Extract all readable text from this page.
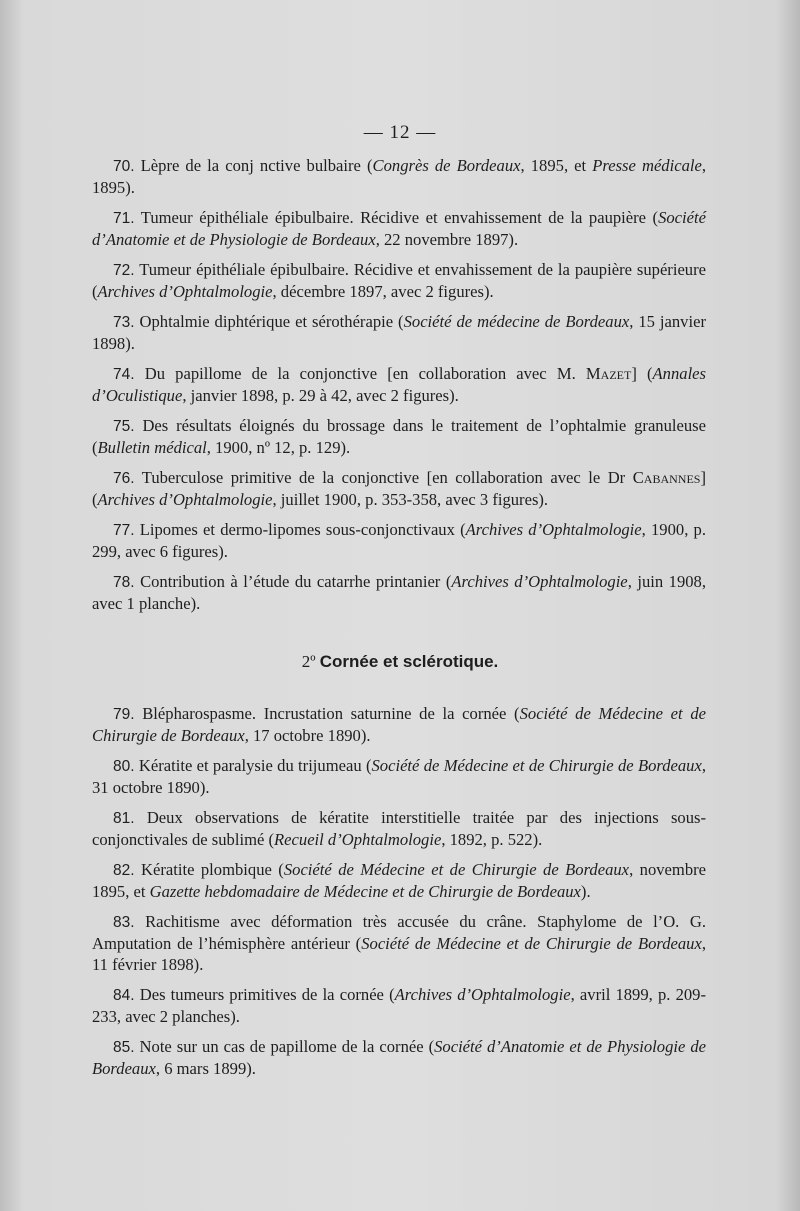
— 12 —

70. Lèpre de la conj nctive bulbaire (Congrès de Bordeaux, 1895, et Presse médicale, 1895).

71. Tumeur épithéliale épibulbaire. Récidive et envahissement de la paupière (Société d’Anatomie et de Physiologie de Bordeaux, 22 novembre 1897).

72. Tumeur épithéliale épibulbaire. Récidive et envahissement de la paupière supérieure (Archives d’Ophtalmologie, décembre 1897, avec 2 figures).

73. Ophtalmie diphtérique et sérothérapie (Société de médecine de Bordeaux, 15 janvier 1898).

74. Du papillome de la conjonctive [en collaboration avec M. Mazet] (Annales d’Oculistique, janvier 1898, p. 29 à 42, avec 2 figures).

75. Des résultats éloignés du brossage dans le traitement de l’ophtalmie granuleuse (Bulletin médical, 1900, nº 12, p. 129).

76. Tuberculose primitive de la conjonctive [en collaboration avec le Dr Cabannes] (Archives d’Ophtalmologie, juillet 1900, p. 353-358, avec 3 figures).

77. Lipomes et dermo-lipomes sous-conjonctivaux (Archives d’Ophtalmologie, 1900, p. 299, avec 6 figures).

78. Contribution à l’étude du catarrhe printanier (Archives d’Ophtalmologie, juin 1908, avec 1 planche).

2º Cornée et sclérotique.

79. Blépharospasme. Incrustation saturnine de la cornée (Société de Médecine et de Chirurgie de Bordeaux, 17 octobre 1890).

80. Kératite et paralysie du trijumeau (Société de Médecine et de Chirurgie de Bordeaux, 31 octobre 1890).

81. Deux observations de kératite interstitielle traitée par des injections sous-conjonctivales de sublimé (Recueil d’Ophtalmologie, 1892, p. 522).

82. Kératite plombique (Société de Médecine et de Chirurgie de Bordeaux, novembre 1895, et Gazette hebdomadaire de Médecine et de Chirurgie de Bordeaux).

83. Rachitisme avec déformation très accusée du crâne. Staphylome de l’O. G. Amputation de l’hémisphère antérieur (Société de Médecine et de Chirurgie de Bordeaux, 11 février 1898).

84. Des tumeurs primitives de la cornée (Archives d’Ophtalmologie, avril 1899, p. 209-233, avec 2 planches).

85. Note sur un cas de papillome de la cornée (Société d’Anatomie et de Physiologie de Bordeaux, 6 mars 1899).
